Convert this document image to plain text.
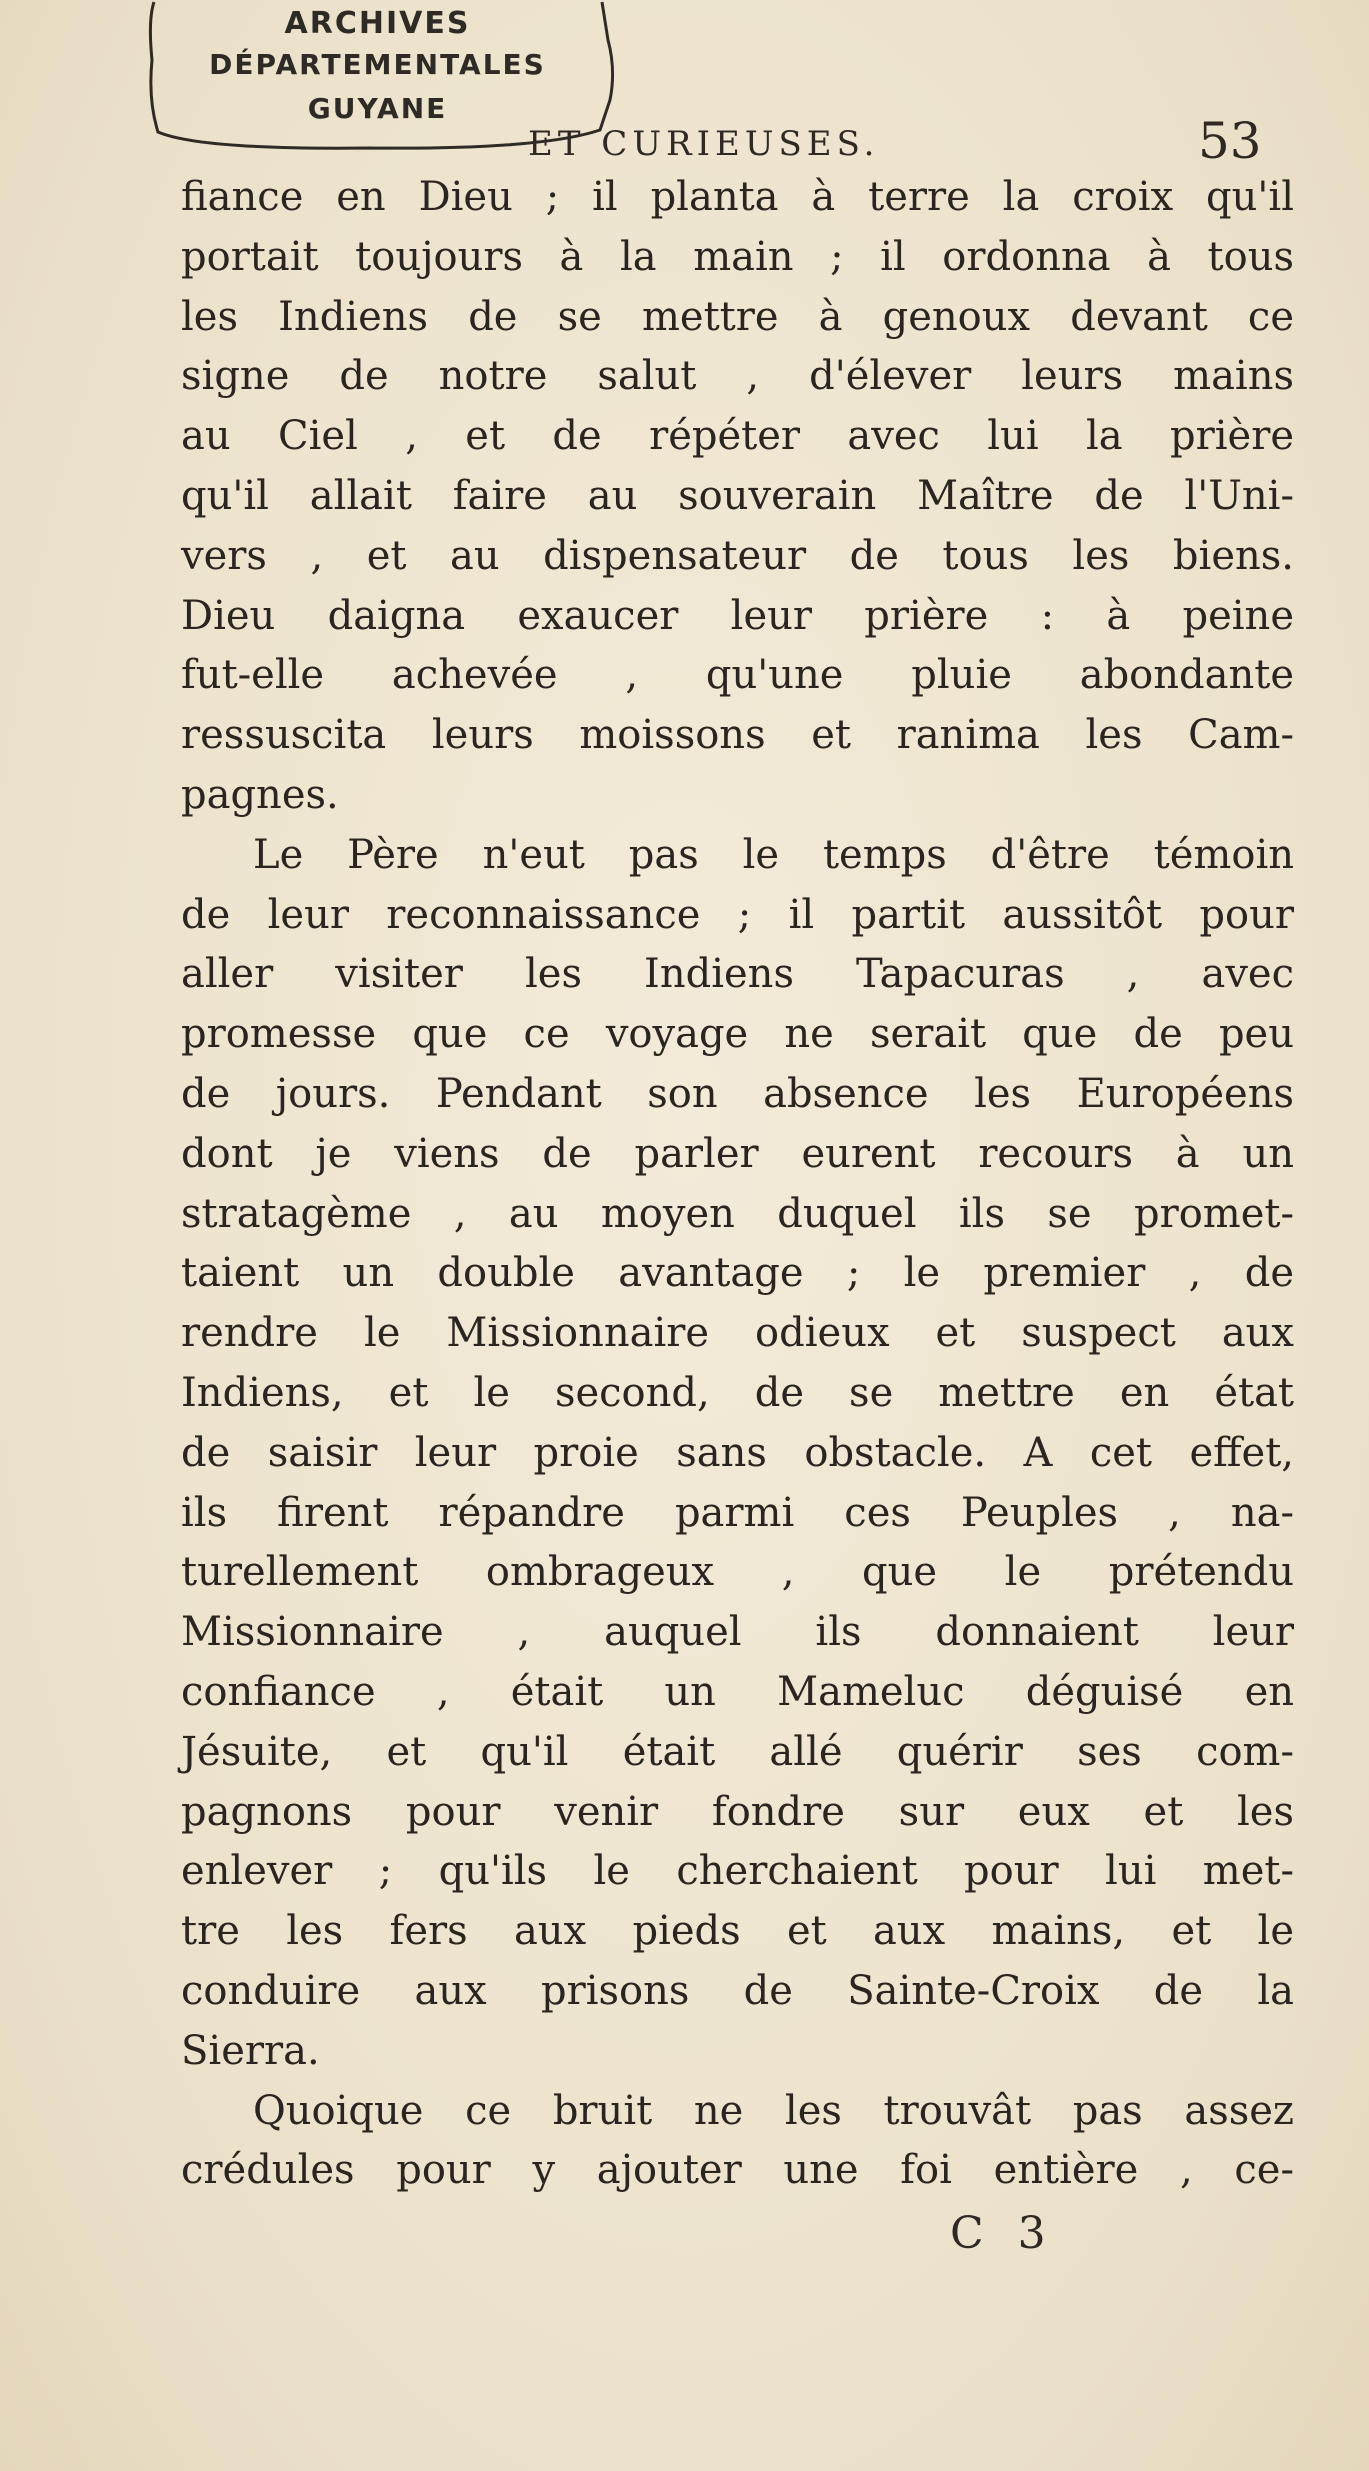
ARCHIVES
DÉPARTEMENTALES
GUYANE
ET CURIEUSES.	53
fiance en Dieu ; il planta à terre la croix qu'il
portait toujours à la main ; il ordonna à tous
les Indiens de se mettre à genoux devant ce
signe de notre salut , d'élever leurs mains
au Ciel , et de répéter avec lui la prière
qu'il allait faire au souverain Maître de l'Uni-
vers , et au dispensateur de tous les biens.
Dieu daigna exaucer leur prière : à peine
fut-elle achevée , qu'une pluie abondante
ressuscita leurs moissons et ranima les Cam-
pagnes.
Le Père n'eut pas le temps d'être témoin
de leur reconnaissance ; il partit aussitôt pour
aller visiter les Indiens Tapacuras , avec
promesse que ce voyage ne serait que de peu
de jours. Pendant son absence les Européens
dont je viens de parler eurent recours à un
stratagème , au moyen duquel ils se promet-
taient un double avantage ; le premier , de
rendre le Missionnaire odieux et suspect aux
Indiens, et le second, de se mettre en état
de saisir leur proie sans obstacle. A cet effet,
ils firent répandre parmi ces Peuples , na-
turellement ombrageux , que le prétendu
Missionnaire , auquel ils donnaient leur
confiance , était un Mameluc déguisé en
Jésuite, et qu'il était allé quérir ses com-
pagnons pour venir fondre sur eux et les
enlever ; qu'ils le cherchaient pour lui met-
tre les fers aux pieds et aux mains, et le
conduire aux prisons de Sainte-Croix de la
Sierra.
Quoique ce bruit ne les trouvât pas assez
crédules pour y ajouter une foi entière , ce-
C 3
